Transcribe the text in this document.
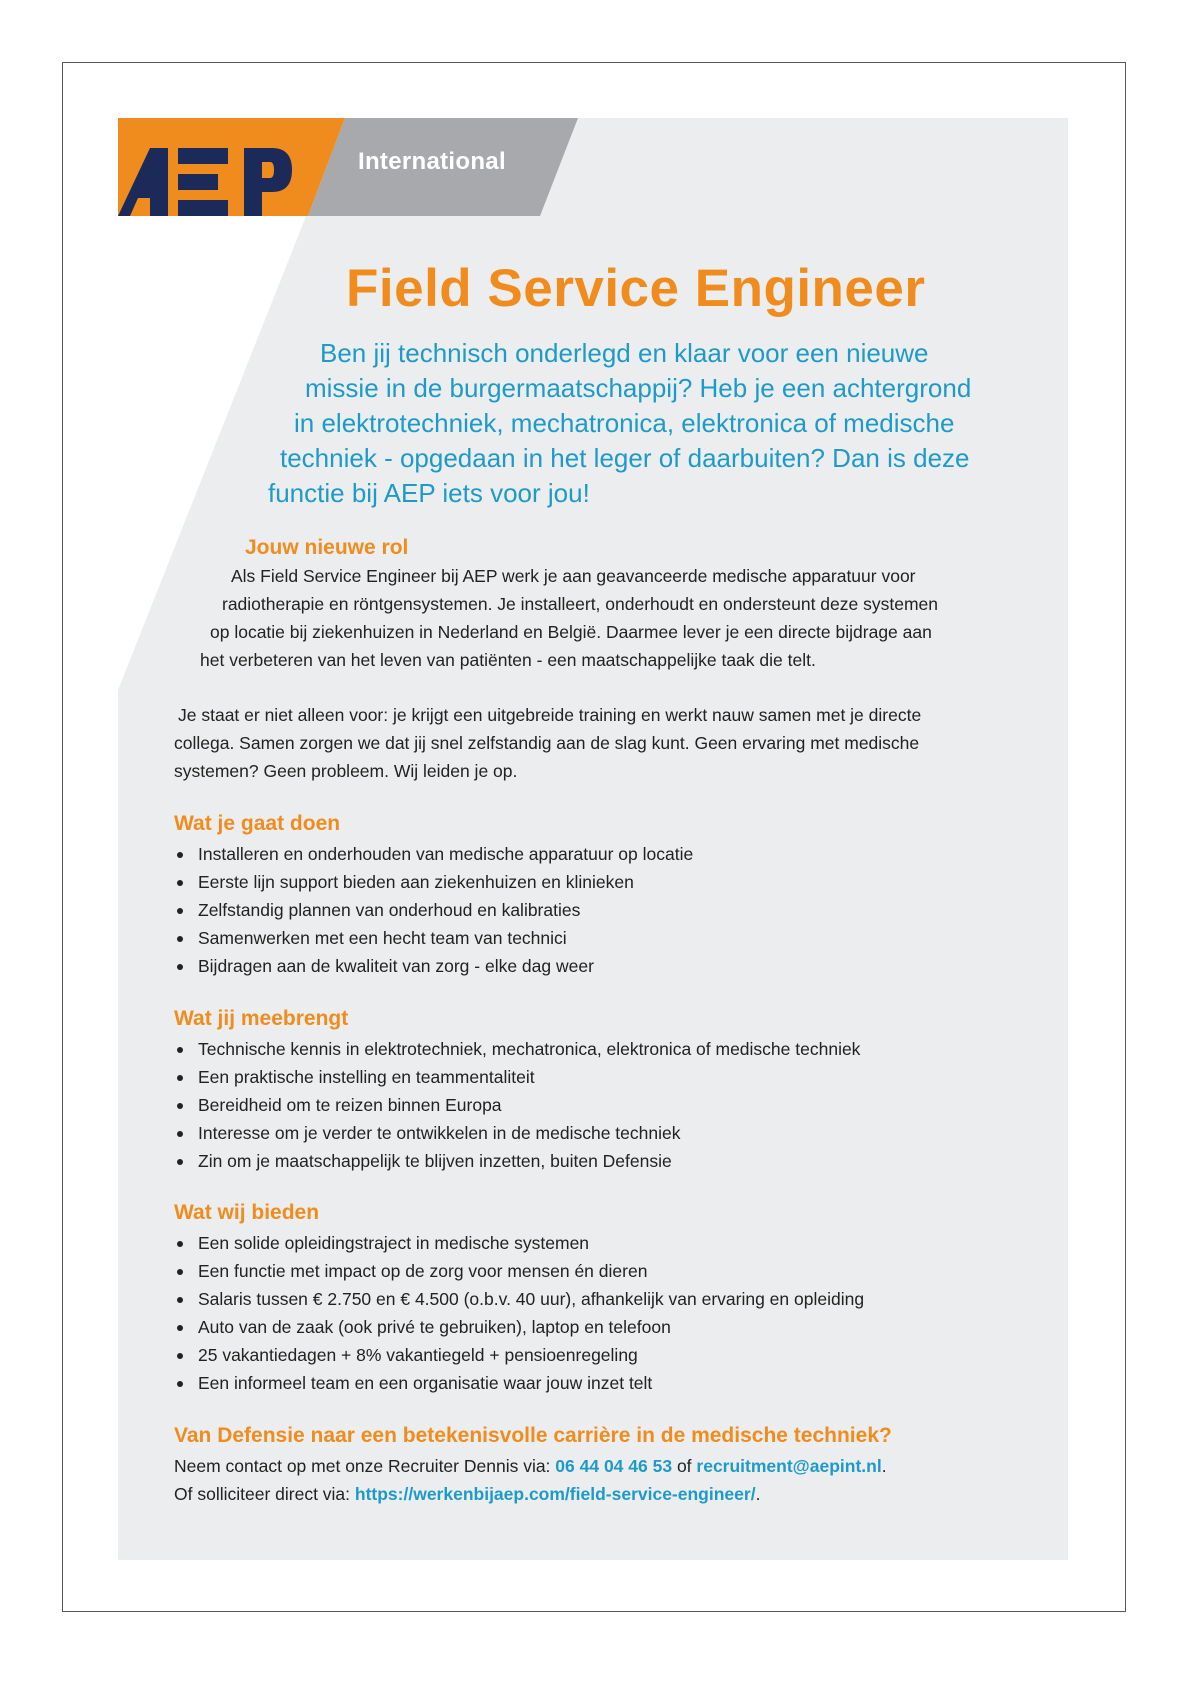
International
Field Service Engineer
Ben jij technisch onderlegd en klaar voor een nieuwe
missie in de burgermaatschappij? Heb je een achtergrond
in elektrotechniek, mechatronica, elektronica of medische
techniek - opgedaan in het leger of daarbuiten? Dan is deze
functie bij AEP iets voor jou!
Jouw nieuwe rol
Als Field Service Engineer bij AEP werk je aan geavanceerde medische apparatuur voor
radiotherapie en röntgensystemen. Je installeert, onderhoudt en ondersteunt deze systemen
op locatie bij ziekenhuizen in Nederland en België. Daarmee lever je een directe bijdrage aan
het verbeteren van het leven van patiënten - een maatschappelijke taak die telt.
Je staat er niet alleen voor: je krijgt een uitgebreide training en werkt nauw samen met je directe
collega. Samen zorgen we dat jij snel zelfstandig aan de slag kunt. Geen ervaring met medische
systemen? Geen probleem. Wij leiden je op.
Wat je gaat doen
Installeren en onderhouden van medische apparatuur op locatie
Eerste lijn support bieden aan ziekenhuizen en klinieken
Zelfstandig plannen van onderhoud en kalibraties
Samenwerken met een hecht team van technici
Bijdragen aan de kwaliteit van zorg - elke dag weer
Wat jij meebrengt
Technische kennis in elektrotechniek, mechatronica, elektronica of medische techniek
Een praktische instelling en teammentaliteit
Bereidheid om te reizen binnen Europa
Interesse om je verder te ontwikkelen in de medische techniek
Zin om je maatschappelijk te blijven inzetten, buiten Defensie
Wat wij bieden
Een solide opleidingstraject in medische systemen
Een functie met impact op de zorg voor mensen én dieren
Salaris tussen € 2.750 en € 4.500 (o.b.v. 40 uur), afhankelijk van ervaring en opleiding
Auto van de zaak (ook privé te gebruiken), laptop en telefoon
25 vakantiedagen + 8% vakantiegeld + pensioenregeling
Een informeel team en een organisatie waar jouw inzet telt
Van Defensie naar een betekenisvolle carrière in de medische techniek?
Neem contact op met onze Recruiter Dennis via: 06 44 04 46 53 of recruitment@aepint.nl.
Of solliciteer direct via: https://werkenbijaep.com/field-service-engineer/.
